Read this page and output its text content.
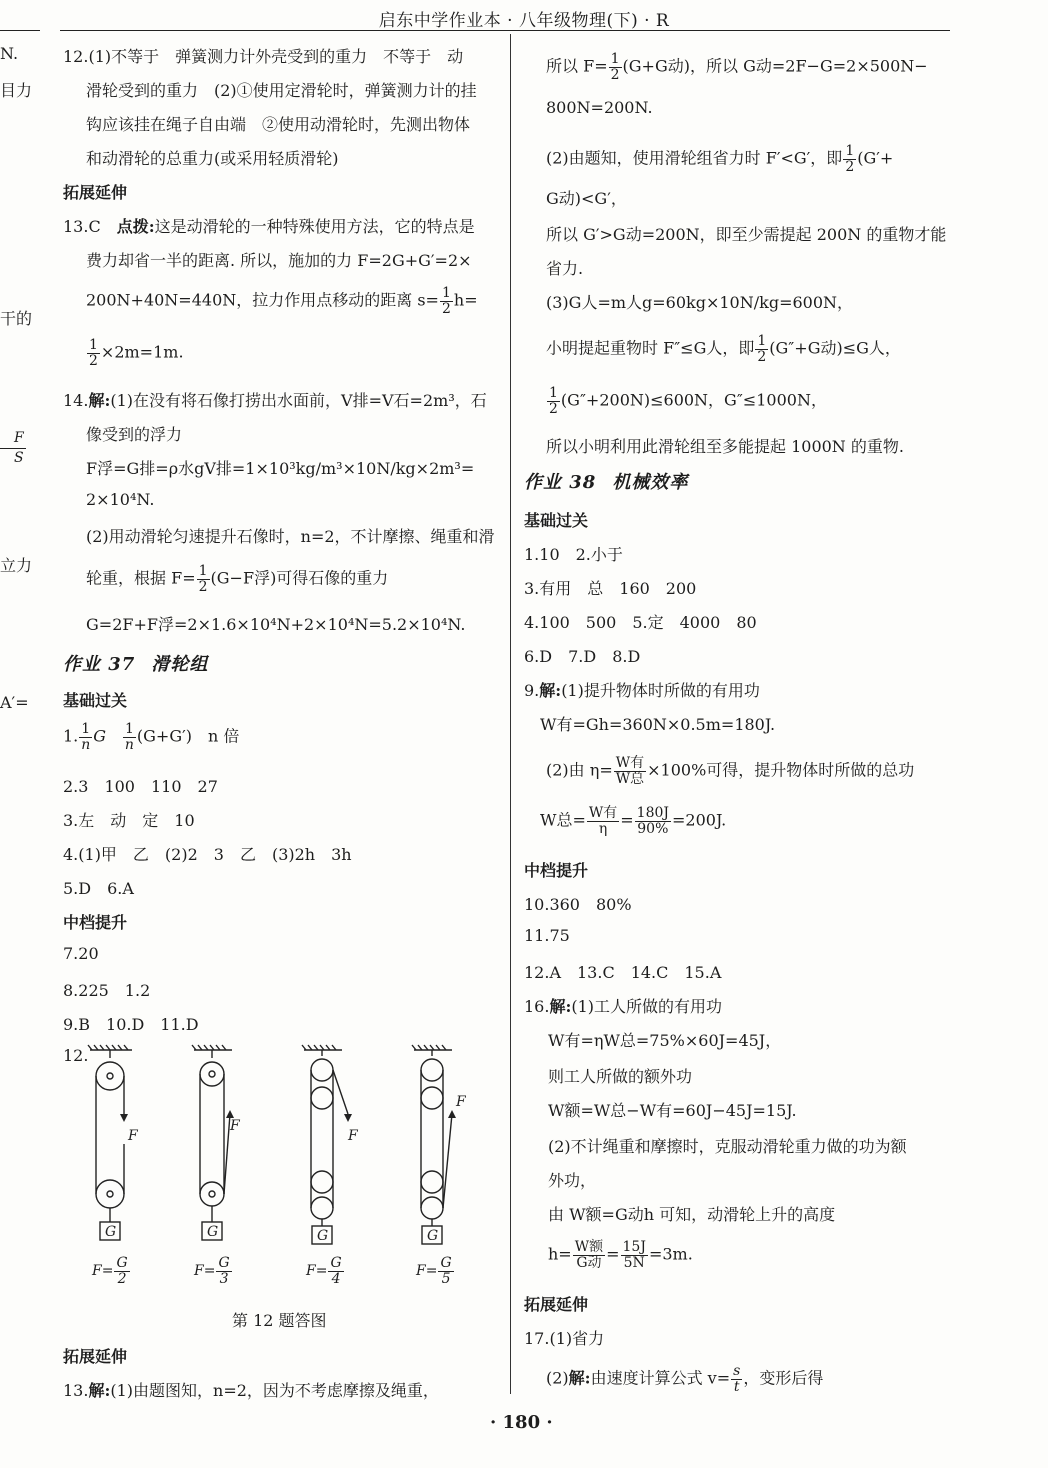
启东中学作业本 · 八年级物理(下) · R
N.
目力
干的
F
S
立力
A′=
12.(1)不等于　弹簧测力计外壳受到的重力　不等于　动
滑轮受到的重力　(2)①使用定滑轮时，弹簧测力计的挂
钩应该挂在绳子自由端　②使用动滑轮时，先测出物体
和动滑轮的总重力(或采用轻质滑轮)
拓展延伸
13.C　 点拨:这是动滑轮的一种特殊使用方法，它的特点是
费力却省一半的距离. 所以，施加的力 F=2G+G′=2×
200N+40N=440N，拉力作用点移动的距离 $s= \frac{1}{2} h=$
$\frac{1}{2} \times 2m=1m$.
14.解:(1)在没有将石像打捞出水面前，V排=V石=2m³，石
像受到的浮力
F浮=G排=ρ水gV排=1×10³kg/m³×10N/kg×2m³=
2×10⁴N.
(2)用动滑轮匀速提升石像时，n=2，不计摩擦、绳重和滑
轮重，根据 $F= \frac{1}{2} (G-F$浮)可得石像的重力
G=2F+F浮=2×1.6×10⁴N+2×10⁴N=5.2×10⁴N.
作业 37　 滑轮组
基础过关
1. $\frac{1}{n}$ G　 $\frac{1}{n} (G+G')$　 n 倍
2.3　100　110　27
3.左　动　定　10
4.(1)甲　乙　(2)2　3　乙　(3)2h　3h
5.D　6.A
中档提升
7.20
8.225　1.2
9.B　10.D　11.D
12.
F
F
F
F
G	G	G	G
$F= \frac{G}{2}$	$F= \frac{G}{3}$	$F= \frac{G}{4}$	$F= \frac{G}{5}$
第 12 题答图
拓展延伸
13.解:(1)由题图知，n=2，因为不考虑摩擦及绳重，
所以 $F= \frac{1}{2} (G+G$动)，所以 G动=2F−G=2×500N−
800N=200N.
(2)由题知，使用滑轮组省力时 F′<G′，即 $\frac{1}{2} (G'+$
G动)<G′，
所以 G′>G动=200N，即至少需提起 200N 的重物才能
省力.
(3)G人=m人g=60kg×10N/kg=600N，
小明提起重物时 F″≤G人，即 $\frac{1}{2} (G''+G$动)≤G人，
$\frac{1}{2} (G''+200N)\le 600N$，G″≤1000N，
所以小明利用此滑轮组至多能提起 1000N 的重物.
作业 38　 机械效率
基础过关
1.10　2.小于
3.有用　总　160　200
4.100　500　5.定　4000　80
6.D　7.D　8.D
9.解:(1)提升物体时所做的有用功
W有=Gh=360N×0.5m=180J.
(2)由 $\eta= \frac{\text{W有}}{\text{W总}} \times 100\%$可得，提升物体时所做的总功
W总= $\frac{\text{W有}}{\eta} = \frac{180J}{90\%} =200J$.
中档提升
10.360　80%
11.75
12.A　13.C　14.C　15.A
16.解:(1)工人所做的有用功
W有=ηW总=75%×60J=45J，
则工人所做的额外功
W额=W总−W有=60J−45J=15J.
(2)不计绳重和摩擦时，克服动滑轮重力做的功为额
外功，
由 W额=G动h 可知，动滑轮上升的高度
$h= \frac{\text{W额}}{\text{G动}} = \frac{15J}{5N} =3m$.
拓展延伸
17.(1)省力
(2)解:由速度计算公式 $v= \frac{s}{t}$ ，变形后得
· 180 ·
